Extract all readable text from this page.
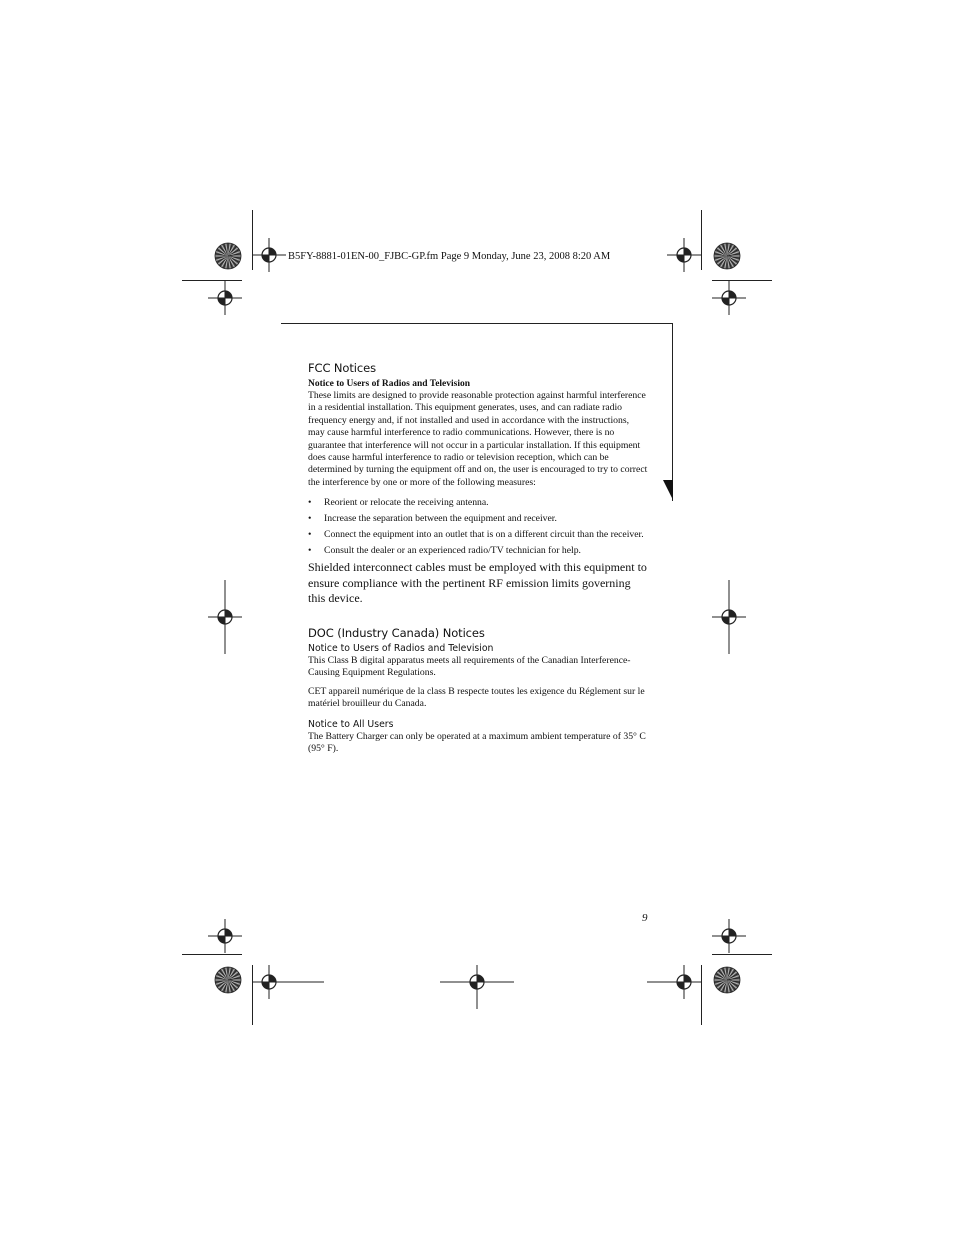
B5FY-8881-01EN-00_FJBC-GP.fm Page 9 Monday, June 23, 2008 8:20 AM
FCC Notices
Notice to Users of Radios and Television

These limits are designed to provide reasonable protection against harmful interference in a residential installation. This equipment generates, uses, and can radiate radio frequency energy and, if not installed and used in accordance with the instructions, may cause harmful interference to radio communications. However, there is no guarantee that interference will not occur in a particular installation. If this equipment does cause harmful interference to radio or television reception, which can be determined by turning the equipment off and on, the user is encouraged to try to correct the interference by one or more of the following measures:

• Reorient or relocate the receiving antenna.
• Increase the separation between the equipment and receiver.
• Connect the equipment into an outlet that is on a different circuit than the receiver.
• Consult the dealer or an experienced radio/TV technician for help.

Shielded interconnect cables must be employed with this equipment to ensure compliance with the pertinent RF emission limits governing this device.

DOC (Industry Canada) Notices
Notice to Users of Radios and Television

This Class B digital apparatus meets all requirements of the Canadian Interference-Causing Equipment Regulations.

CET appareil numérique de la class B respecte toutes les exigence du Réglement sur le matériel brouilleur du Canada.

Notice to All Users

The Battery Charger can only be operated at a maximum ambient temperature of 35° C (95° F).

9
